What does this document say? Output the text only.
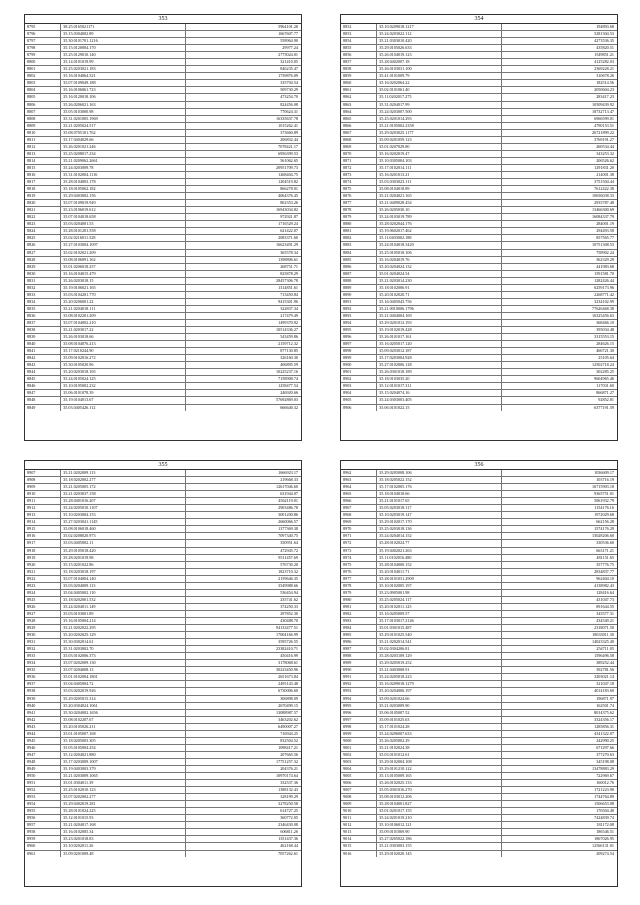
353
8795	38.25.0165021171	5964101.28
8796	35.15.0304002.89	1667607.77
8797	35.30.0101701.1216	558964.90
8798	35.15.0120004.170	29977.24
8799	35.25.0129010.140	2775024.01
8800	35.14.0101019.99	321410.05
8801	35.25.0203021.183	846235.47
8802	35.16.0104064.521	1739876.09
8803	35.07.0109049.188	335794.54
8804	35.16.0106061.723	509730.29
8805	35.16.0120018.106	473254.70
8806	35.26.0206021.163	824456.08
8807	35.05.0103000.98	770624.31
8808	35.31.0201005.1969	16335637.78
8809	35.21.0205024.517	1015262.41
8810	35.08.0705101.762	373660.89
8811	35.17.0404029.66	206832.44
8812	35.26.0201021.246	7078421.17
8813	35.25.0208017.234	6956399.53
8814	35.21.0209062.2661	561062.65
8815	35.24.0203009.78	20951709.73
8816	35.31.0102004.1116	1268404.75
8817	35.28.0104003.178	1204519.82
8818	35.18.0105062.182	866278.01
8819	35.29.0403002.156	4064376.45
8820	35.07.0109019.949	802353.26
8821	35.23.0106019.612	16943034.82
8822	35.07.0104018.658	972921.87
8823	35.03.0204001.53	1716529.24
8824	35.28.0101201.558	621422.07
8825	35.02.0216011.528	2083371.60
8826	35.27.0103004.1097	16623491.29
8827	35.02.0102021.209	365578.34
8828	35.08.0106091.162	1398806.61
8829	35.01.0206018.257	268751.71
8830	35.16.0104015.479	825878.29
8831	35.26.0203018.15	28457306.78
8832	35.19.0106021.165	1314851.61
8833	35.03.0104201.770	713450.84
8834	35.20.0206001.22	9415301.96
8835	35.21.0204018.111	322837.34
8836	35.08.0102201.209	217479.49
8837	35.07.0104002.210	1499370.92
8838	35.21.0203017.22	10514336.27
8839	35.26.0103018.66	543459.86
8840	35.08.0104076.213	2159712.32
8841	35.17.0210244.90	877130.85
8842	35.09.0102016.272	326160.30
8843	35.30.0105020.96	406895.59
8844	35.20.0203018.165	10225237.16
8845	35.24.0105024.125	7158908.74
8846	35.10.0105002.232	1258477.54
8847	35.06.0101078.39	246920.66
8848	35.19.0104013.67	57692869.03
8849	35.03.0405426.112	666640.32
354
8852	35.10.0209018.1217	194893.68
8853	35.24.0203022.112	5281304.53
8854	35.21.0303010.420	4273536.35
8855	35.29.0105026.633	435820.51
8856	35.26.0104019.123	1549851.21
8857	35.28.0402007.18	4125282.03
8858	35.26.0103031.100	2369228.21
8859	35.41.0101009.79	310678.26
8860	35.16.0202064.22	182514.56
8861	35.02.0101061.40	2050604.23
8862	35.11.0202017.275	283417.23
8863	35.31.0204017.99	10509439.92
8864	35.24.0203007.500	18732713.47
8865	35.25.0201014.293	6966599.01
8866	35.21.0105002.2358	4790153.51
8867	35.29.0203025.1177	26721899.22
8868	35.09.0201059.123	3769191.27
8869	35.01.0207029.80	260534.44
8870	35.16.0202019.47	343253.32
8871	35.10.0305004.103	206526.62
8872	35.17.0102014.111	1291831.20
8873	35.16.0201013.21	214001.38
8874	35.03.0303023.111	3751504.44
8875	35.08.0104018.89	7612422.38
8876	35.21.0204021.165	10656038.33
8877	35.21.0409028.454	2935787.48
8878	35.26.0205030.10	13466300.69
8879	35.24.0103019.789	16084337.79
8880	35.28.0202044.176	284001.19
8881	35.19.0602017.462	294493.58
8882	35.11.0403002.188	857565.77
8883	35.24.0104018.3420	10751308.53
8884	35.25.0105018.106	758902.24
8885	35.16.0204019.76	362329.29
8886	35.20.0204024.132	441983.68
8887	35.01.0204024.54	1591581.70
8888	35.21.0203014.230	1282426.44
8889	35.18.0102006.91	6259173.96
8890	35.20.0102020.71	2268771.42
8891	35.16.0405043.756	3234102.99
8892	35.21.0010006.1796	77626468.38
8893	35.21.0404004.169	16325456.63
8894	35.29.0201012.193	368466.10
8895	35.19.0102019.428	395034.48
8896	35.26.0101017.161	3315553.15
8897	35.16.0205017.120	284626.15
8898	35.09.0203012.187	466721.30
8899	35.17.0203004.928	25105.64
8900	35.27.0102006.128	12502718.24
8901	35.26.0301018.189	302285.25
8902	35.18.0103035.20	9604965.46
8903	35.12.0101017.311	117031.60
8904	35.15.0204074.16	866871.27
8905	35.24.0303003.405	92852.01
8906	35.06.0101022.15	6377191.59
355
8907	35.21.0202009.113	1666923.17
8908	35.18.0202002.277	219668.33
8909	35.21.0205005.172	12617046.60
8910	35.21.0203037.158	631944.07
8911	35.28.0401016.207	4562119.01
8912	35.24.0205010.1107	2903486.78
8913	35.10.0203004.153	3001200.86
8914	35.27.0203041.1145	2660066.57
8915	35.08.0106018.460	1377369.38
8916	35.02.0208020.973	7097340.75
8917	35.03.0405002.11	350951.64
8918	35.29.0105018.420	472945.72
8919	35.28.0201019.98	9511457.69
8920	35.15.0201022.86	576730.20
8921	35.18.0203018.197	1823710.32
8922	35.07.0104004.140	2159646.35
8923	35.03.0204009.113	3549988.66
8924	35.04.0405002.110	536454.94
8925	35.18.0202001.532	235741.62
8926	35.24.0204011.149	374250.33
8927	35.03.0103001.89	297852.30
8928	35.16.0105004.214	430488.70
8929	35.21.0202022.295	94133477.51
8930	35.20.0202025.129	17004166.99
8931	35.30.0302014.61	3595726.55
8932	35.31.0203002.70	23382410.71
8933	35.03.0102006.373	450416.99
8934	35.07.0202009.130	3178068.61
8935	35.07.0204008.13	30223450.96
8936	35.01.0102004.1801	2651673.84
8937	35.04.0405004.72	2495143.48
8938	35.03.0202019.926	6730006.60
8939	35.29.0205015.314	306898.09
8940	35.20.0304024.1061	2670499.15
8941	35.30.0204002.1656	13088987.57
8942	35.08.0102207.67	3463202.62
8943	35.20.0105026.211	6490007.27
8944	35.01.0105007.168	716944.25
8945	35.18.0205003.305	832504.52
8946	35.05.0105004.254	1098417.21
8947	35.12.0204021.880	207665.56
8948	35.17.0203009.1007	17751257.32
8949	35.19.0403003.379	204376.21
8950	35.21.0203009.1065	10970174.64
8951	35.01.0304011.39	332537.36
8952	35.25.0102010.123	1388132.43
8953	35.07.0202002.277	328199.29
8954	35.29.0402019.281	3278250.58
8955	35.28.0101024.225	614727.25
8956	35.12.0101015.93	360772.05
8957	35.21.0204017.168	2346430.08
8958	35.16.0102005.34	606811.26
8959	35.23.0201018.83	1351437.36
8960	35.10.0202011.26	462168.44
8961	35.09.0201009.48	7057262.61
356
8962	35.29.0205008.106	1036609.17
8963	35.18.0205022.152	103716.19
8964	35.17.0102005.176	16715903.18
8965	35.18.0104018.66	9365751.01
8966	35.21.0101017.65	5061932.79
8967	35.05.0203018.117	1154176.16
8968	35.10.0203019.147	1972029.68
8969	35.29.0102017.170	662156.28
8970	35.25.0203018.136	1574176.29
8971	35.24.0204014.152	15028206.60
8972	35.28.0102024.77	330536.60
8973	35.19.0402021.263	663171.21
8974	35.11.0102016.480	481151.65
8975	35.28.0104000.152	357776.75
8976	35.20.0104011.71	2834837.77
8977	35.28.0101031.2909	962404.10
8978	35.10.0102005.197	4138982.43
8979	35.23.0905001.98	128416.64
8980	35.25.0205024.117	431047.73
8981	35.20.0102011.125	891644.55
8982	35.16.0205009.57	345577.31
8983	35.17.0103017.2146	434549.21
8984	35.01.0301015.487	2318071.50
8985	35.29.0101025.540	18633011.30
8986	35.21.0202014.541	14023325.40
8987	35.02.0304206.81	254711.05
8988	35.28.0203109.129	1596496.58
8989	35.29.0205019.252	389252.44
8990	35.21.0403008.91	392781.56
8991	35.24.0205018.223	3203021.14
8992	35.16.0209018.1279	321047.18
8993	35.20.0204006.197	4014183.60
8994	35.09.0201024.66	196871.97
8995	35.21.0203009.90	162501.74
8996	35.06.0105007.52	8014375.62
8997	35.09.0101025.63	3324356.17
8998	35.17.0101024.28	1285856.31
8999	35.24.0206007.633	4341322.07
9000	35.26.0205002.29	242990.25
9001	35.21.0102024.38	671297.66
9002	35.03.0101012.61	377270.63
9003	35.29.0102004.108	345198.08
9004	35.29.0101210.122	13478883.29
9005	35.13.0105009.165	722969.67
9006	35.26.0102025.133	160012.76
9007	35.05.0301016.270	1721223.90
9008	35.08.0103012.206	1744764.89
9009	35.28.0104001.827	1506653.08
9010	35.01.0201017.155	176504.40
9011	35.24.0201019.210	7424839.74
9012	35.10.0106012.121	181172.08
9013	35.09.0101069.90	186546.51
9014	35.27.0205022.186	1867026.95
9015	35.21.0303003.155	12566131.01
9016	35.29.0102020.145	209274.54
